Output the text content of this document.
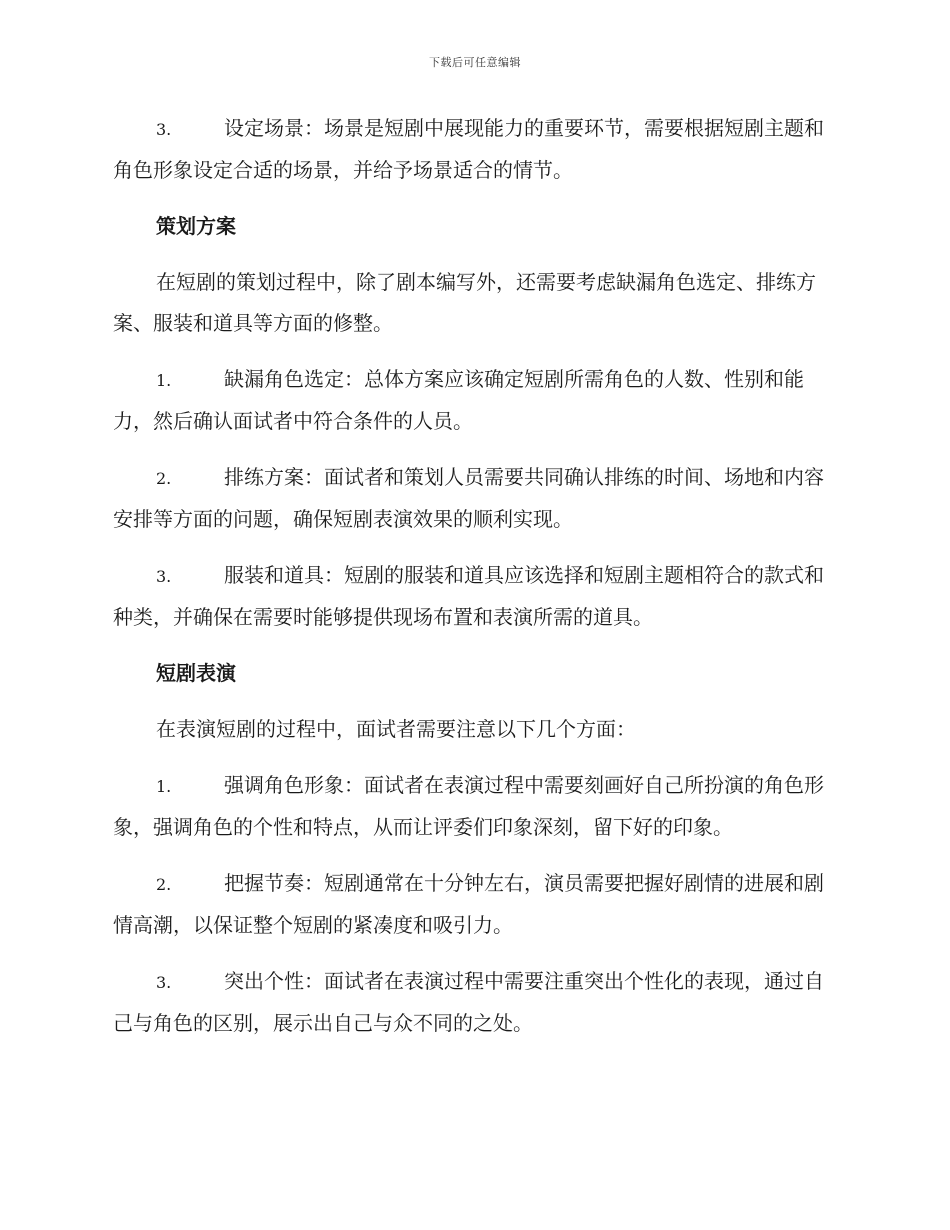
下载后可任意编辑

3.	设定场景：场景是短剧中展现能力的重要环节，需要根据短剧主题和角色形象设定合适的场景，并给予场景适合的情节。

策划方案

在短剧的策划过程中，除了剧本编写外，还需要考虑缺漏角色选定、排练方案、服装和道具等方面的修整。

1.	缺漏角色选定：总体方案应该确定短剧所需角色的人数、性别和能力，然后确认面试者中符合条件的人员。

2.	排练方案：面试者和策划人员需要共同确认排练的时间、场地和内容安排等方面的问题，确保短剧表演效果的顺利实现。

3.	服装和道具：短剧的服装和道具应该选择和短剧主题相符合的款式和种类，并确保在需要时能够提供现场布置和表演所需的道具。

短剧表演

在表演短剧的过程中，面试者需要注意以下几个方面：

1.	强调角色形象：面试者在表演过程中需要刻画好自己所扮演的角色形象，强调角色的个性和特点，从而让评委们印象深刻，留下好的印象。

2.	把握节奏：短剧通常在十分钟左右，演员需要把握好剧情的进展和剧情高潮，以保证整个短剧的紧凑度和吸引力。

3.	突出个性：面试者在表演过程中需要注重突出个性化的表现，通过自己与角色的区别，展示出自己与众不同的之处。
